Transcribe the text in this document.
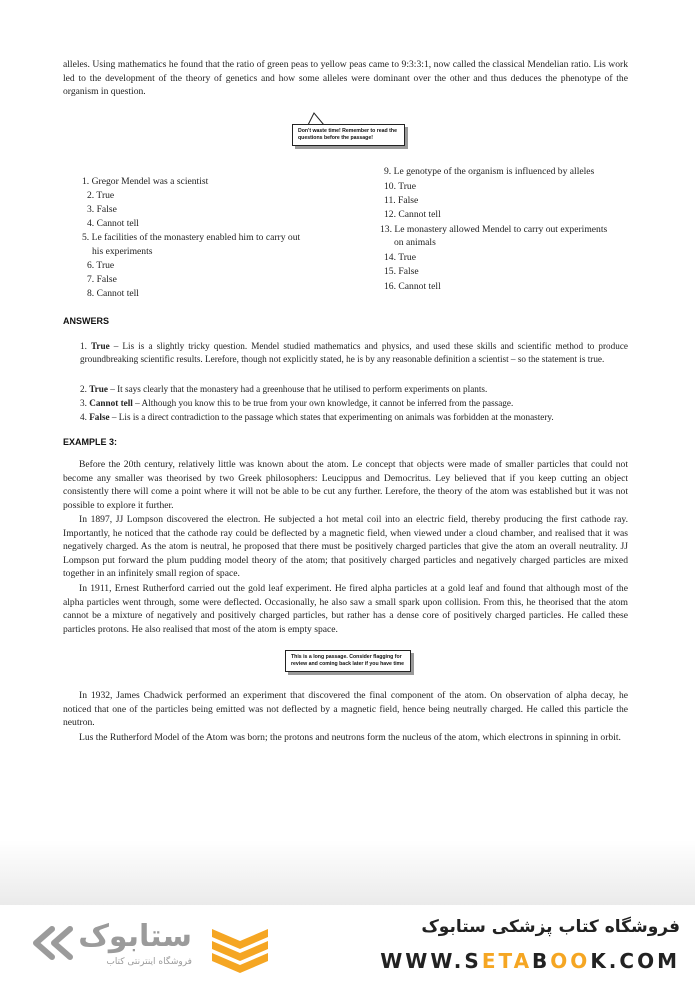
alleles. Using mathematics he found that the ratio of green peas to yellow peas came to 9:3:3:1, now called the classical Mendelian ratio. Lis work led to the development of the theory of genetics and how some alleles were dominant over the other and thus deduces the phenotype of the organism in question.
Don't waste time! Remember to read the questions before the passage!
1. Gregor Mendel was a scientist
2. True
3. False
4. Cannot tell
5. Le facilities of the monastery enabled him to carry out
his experiments
6. True
7. False
8. Cannot tell
9. Le genotype of the organism is influenced by alleles
10. True
11. False
12. Cannot tell
13. Le monastery allowed Mendel to carry out experiments
on animals
14. True
15. False
16. Cannot tell
ANSWERS
1. True – Lis is a slightly tricky question. Mendel studied mathematics and physics, and used these skills and scientific method to produce groundbreaking scientific results. Lerefore, though not explicitly stated, he is by any reasonable definition a scientist – so the statement is true.
2. True – It says clearly that the monastery had a greenhouse that he utilised to perform experiments on plants.
3. Cannot tell – Although you know this to be true from your own knowledge, it cannot be inferred from the passage.
4. False – Lis is a direct contradiction to the passage which states that experimenting on animals was forbidden at the monastery.
EXAMPLE 3:
Before the 20th century, relatively little was known about the atom. Le concept that objects were made of smaller particles that could not become any smaller was theorised by two Greek philosophers: Leucippus and Democritus. Ley believed that if you keep cutting an object consistently there will come a point where it will not be able to be cut any further. Lerefore, the theory of the atom was established but it was not possible to explore it further.
In 1897, JJ Lompson discovered the electron. He subjected a hot metal coil into an electric field, thereby producing the first cathode ray. Importantly, he noticed that the cathode ray could be deflected by a magnetic field, when viewed under a cloud chamber, and realised that it was negatively charged. As the atom is neutral, he proposed that there must be positively charged particles that give the atom an overall neutrality. JJ Lompson put forward the plum pudding model theory of the atom; that positively charged particles and negatively charged particles are mixed together in an infinitely small region of space.
In 1911, Ernest Rutherford carried out the gold leaf experiment. He fired alpha particles at a gold leaf and found that although most of the alpha particles went through, some were deflected. Occasionally, he also saw a small spark upon collision. From this, he theorised that the atom cannot be a mixture of negatively and positively charged particles, but rather has a dense core of positively charged particles. He called these particles protons. He also realised that most of the atom is empty space.
This is a long passage. Consider flagging for review and coming back later if you have time
In 1932, James Chadwick performed an experiment that discovered the final component of the atom. On observation of alpha decay, he noticed that one of the particles being emitted was not deflected by a magnetic field, hence being neutrally charged. He called this particle the neutron.
Lus the Rutherford Model of the Atom was born; the protons and neutrons form the nucleus of the atom, which electrons in spinning in orbit.
ستابوک
فروشگاه اینترنتی کتاب
فروشگاه کتاب پزشکی ستابوک
WWW.SETABOOK.COM
